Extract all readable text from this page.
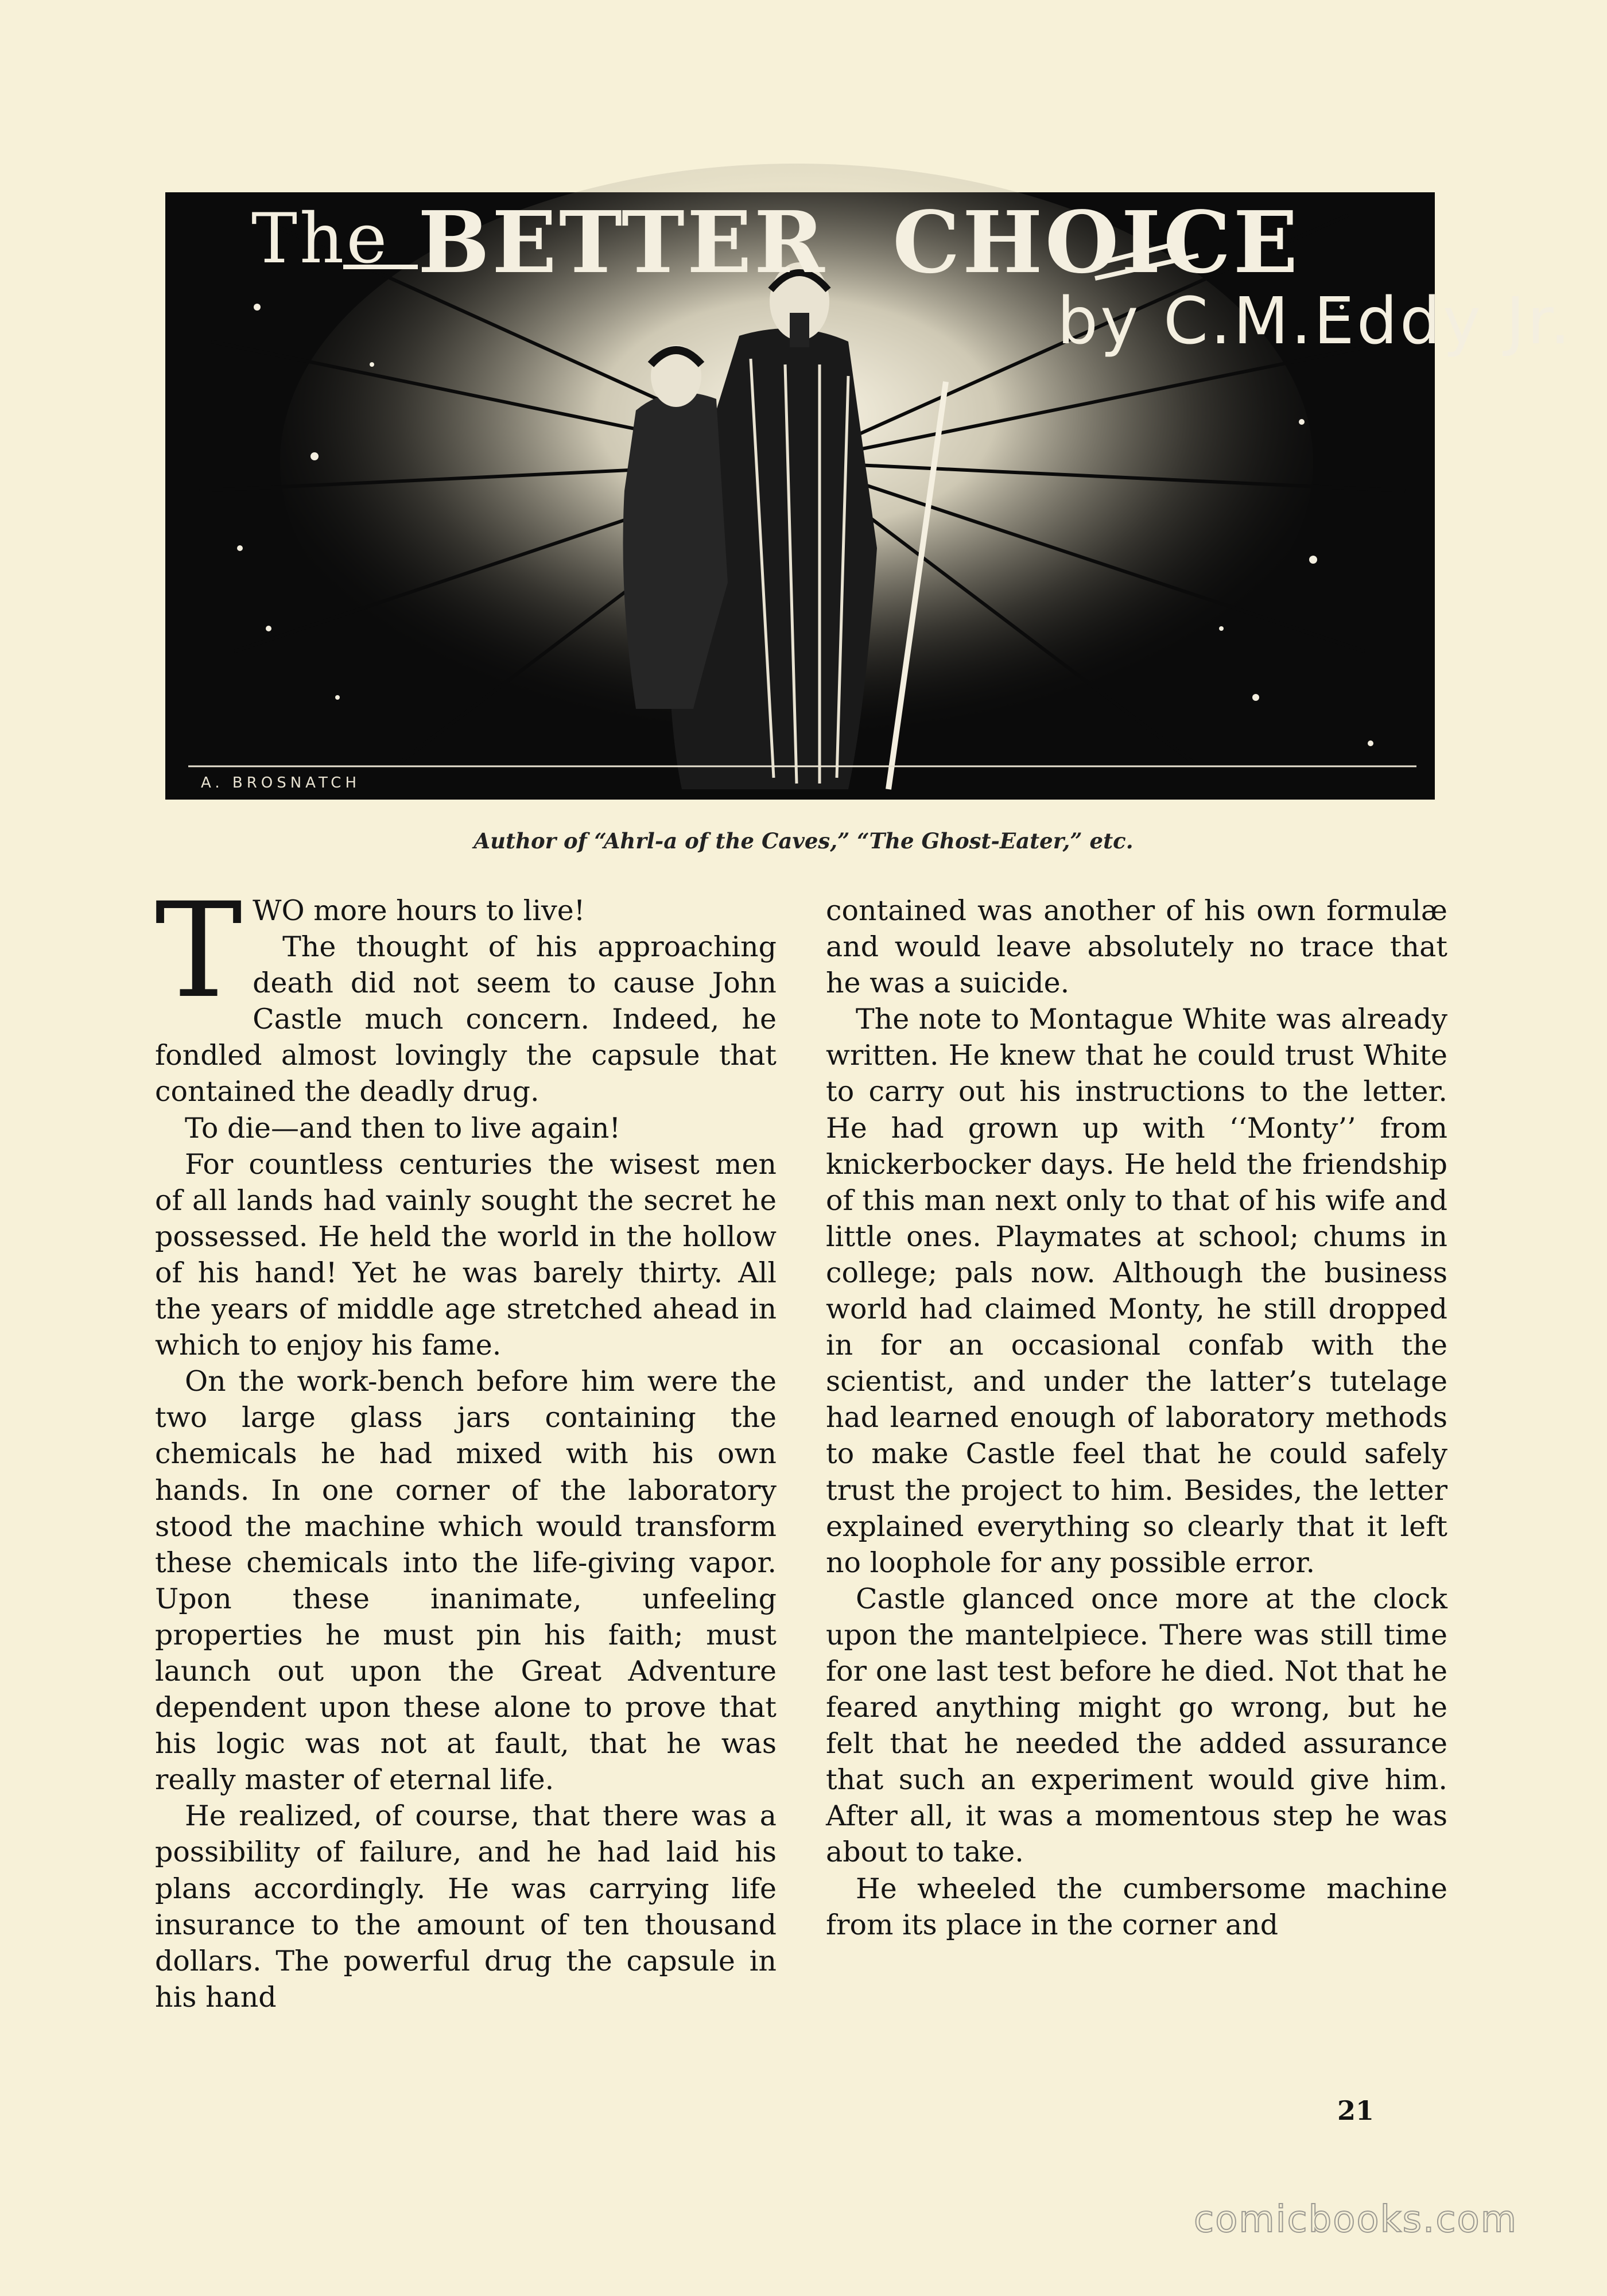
The BETTER CHOICE
by C.M.Eddy Jr.
A. BROSNATCH
Author of “Ahrl-a of the Caves,” “The Ghost-Eater,” etc.
T WO more hours to live!

The thought of his approaching death did not seem to cause John Castle much concern. Indeed, he fondled almost lovingly the capsule that contained the deadly drug.

To die—and then to live again!

For countless centuries the wisest men of all lands had vainly sought the secret he possessed. He held the world in the hollow of his hand! Yet he was barely thirty. All the years of middle age stretched ahead in which to enjoy his fame.

On the work-bench before him were the two large glass jars containing the chemicals he had mixed with his own hands. In one corner of the laboratory stood the machine which would transform these chemicals into the life-giving vapor. Upon these inanimate, unfeeling properties he must pin his faith; must launch out upon the Great Adventure dependent upon these alone to prove that his logic was not at fault, that he was really master of eternal life.

He realized, of course, that there was a possibility of failure, and he had laid his plans accordingly. He was carrying life insurance to the amount of ten thousand dollars. The powerful drug the capsule in his hand

contained was another of his own formulæ and would leave absolutely no trace that he was a suicide.

The note to Montague White was already written. He knew that he could trust White to carry out his instructions to the letter. He had grown up with ‘‘Monty’’ from knickerbocker days. He held the friendship of this man next only to that of his wife and little ones. Playmates at school; chums in college; pals now. Although the business world had claimed Monty, he still dropped in for an occasional confab with the scientist, and under the latter’s tutelage had learned enough of laboratory methods to make Castle feel that he could safely trust the project to him. Besides, the letter explained everything so clearly that it left no loophole for any possible error.

Castle glanced once more at the clock upon the mantelpiece. There was still time for one last test before he died. Not that he feared anything might go wrong, but he felt that he needed the added assurance that such an experiment would give him. After all, it was a momentous step he was about to take.

He wheeled the cumbersome machine from its place in the corner and

21
comicbooks.com
